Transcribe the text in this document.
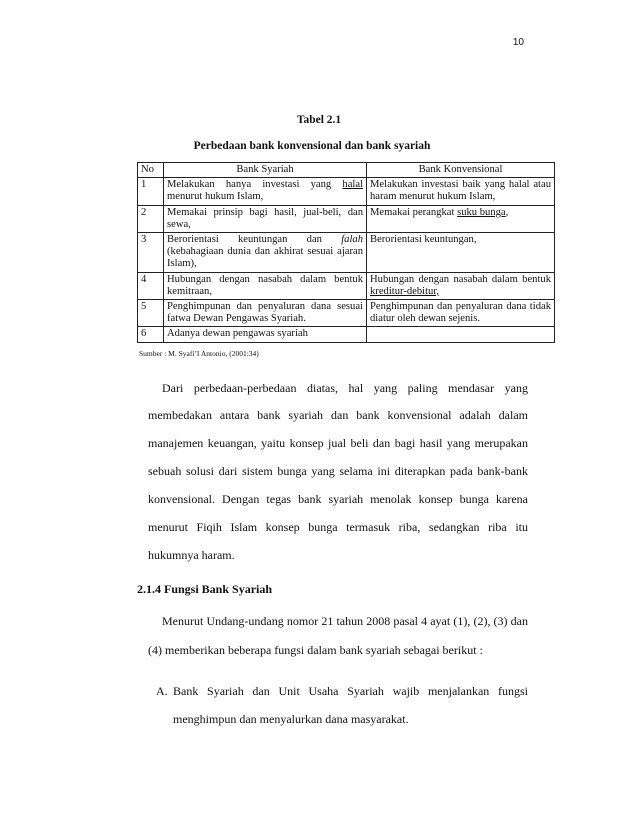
10
Tabel 2.1
Perbedaan bank konvensional dan bank syariah
No	Bank Syariah	Bank Konvensional
1	Melakukan hanya investasi yang halal menurut hukum Islam,	Melakukan investasi baik yang halal atau haram menurut hukum Islam,
2	Memakai prinsip bagi hasil, jual-beli, dan sewa,	Memakai perangkat suku bunga,
3	Berorientasi keuntungan dan falah (kebahagiaan dunia dan akhirat sesuai ajaran Islam),	Berorientasi keuntungan,
4	Hubungan dengan nasabah dalam bentuk kemitraan,	Hubungan dengan nasabah dalam bentuk kreditur-debitur,
5	Penghimpunan dan penyaluran dana sesuai fatwa Dewan Pengawas Syariah.	Penghimpunan dan penyaluran dana tidak diatur oleh dewan sejenis.
6	Adanya dewan pengawas syariah	
Sumber : M. Syafi’I Antonio, (2001:34)
Dari perbedaan-perbedaan diatas, hal yang paling mendasar yang
membedakan antara bank syariah dan bank konvensional adalah dalam manajemen keuangan, yaitu konsep jual beli dan bagi hasil yang merupakan sebuah solusi dari sistem bunga yang selama ini diterapkan pada bank-bank konvensional. Dengan tegas bank syariah menolak konsep bunga karena menurut Fiqih Islam konsep bunga termasuk riba, sedangkan riba itu hukumnya haram.
2.1.4 Fungsi Bank Syariah
Menurut Undang-undang nomor 21 tahun 2008 pasal 4 ayat (1), (2), (3) dan
(4) memberikan beberapa fungsi dalam bank syariah sebagai berikut :
A. Bank Syariah dan Unit Usaha Syariah wajib menjalankan fungsi
menghimpun dan menyalurkan dana masyarakat.
